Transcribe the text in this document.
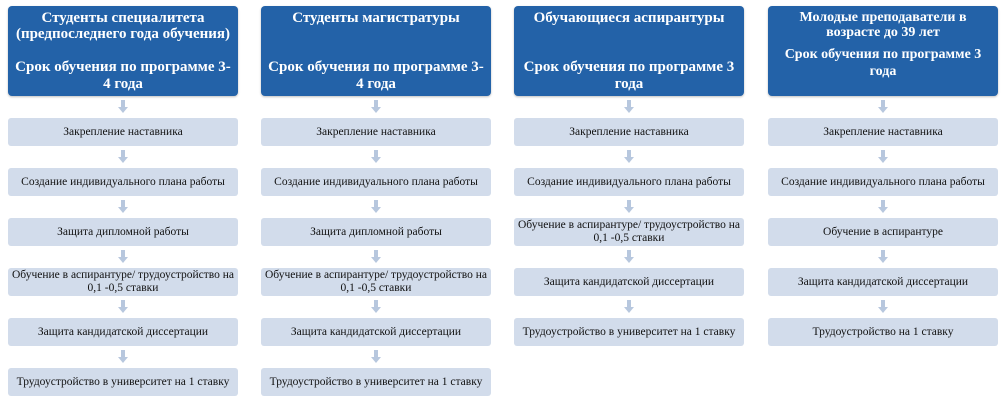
Студенты специалитета (предпоследнего года обучения)
Срок обучения по программе 3-4 года
Закрепление наставника
Создание индивидуального плана работы
Защита дипломной работы
Обучение в аспирантуре/ трудоустройство на 0,1 -0,5 ставки
Защита кандидатской диссертации
Трудоустройство в университет на 1 ставку
Студенты магистратуры
Срок обучения по программе 3-4 года
Закрепление наставника
Создание индивидуального плана работы
Защита дипломной работы
Обучение в аспирантуре/ трудоустройство на 0,1 -0,5 ставки
Защита кандидатской диссертации
Трудоустройство в университет на 1 ставку
Обучающиеся аспирантуры
Срок обучения по программе 3 года
Закрепление наставника
Создание индивидуального плана работы
Обучение в аспирантуре/ трудоустройство на 0,1 -0,5 ставки
Защита кандидатской диссертации
Трудоустройство в университет на 1 ставку
Молодые преподаватели в возрасте до 39 лет
Срок обучения по программе 3 года
Закрепление наставника
Создание индивидуального плана работы
Обучение в аспирантуре
Защита кандидатской диссертации
Трудоустройство на 1 ставку
